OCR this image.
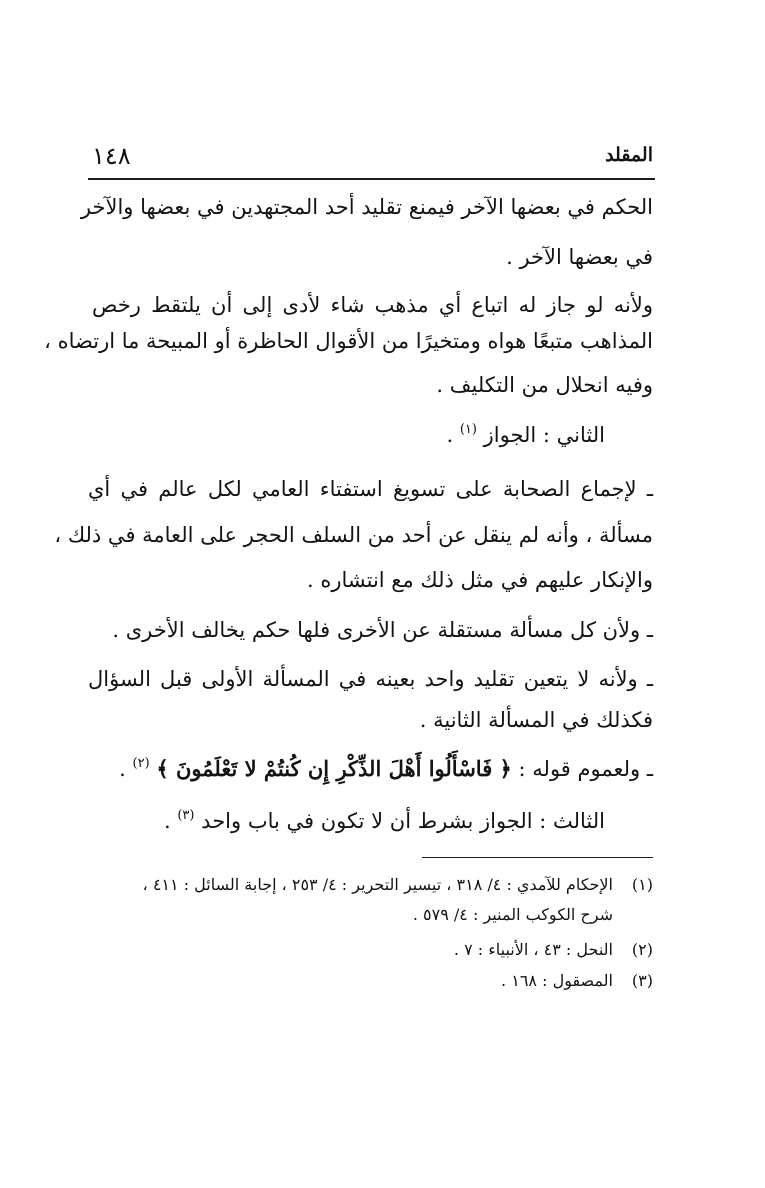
المقلد
١٤٨
الحكم في بعضها الآخر فيمنع تقليد أحد المجتهدين في بعضها والآخر
في بعضها الآخر .
ولأنه لو جاز له اتباع أي مذهب شاء لأدى إلى أن يلتقط رخص
المذاهب متبعًا هواه ومتخيرًا من الأقوال الحاظرة أو المبيحة ما ارتضاه ،
وفيه انحلال من التكليف .
الثاني : الجواز $^{(١)}$ .
ـ لإجماع الصحابة على تسويغ استفتاء العامي لكل عالم في أي
مسألة ، وأنه لم ينقل عن أحد من السلف الحجر على العامة في ذلك ،
والإنكار عليهم في مثل ذلك مع انتشاره .
ـ ولأن كل مسألة مستقلة عن الأخرى فلها حكم يخالف الأخرى .
ـ ولأنه لا يتعين تقليد واحد بعينه في المسألة الأولى قبل السؤال
فكذلك في المسألة الثانية .
ـ ولعموم قوله : ﴿ فَاسْأَلُوا أَهْلَ الذِّكْرِ إِن كُنتُمْ لا تَعْلَمُونَ ﴾ $^{(٢)}$ .
الثالث : الجواز بشرط أن لا تكون في باب واحد $^{(٣)}$ .
(١)الإحكام للآمدي : ٤/ ٣١٨ ، تيسير التحرير : ٤/ ٢٥٣ ، إجابة السائل : ٤١١ ،
شرح الكوكب المنير : ٤/ ٥٧٩ .
(٢)النحل : ٤٣ ، الأنبياء : ٧ .
(٣)المصقول : ١٦٨ .
